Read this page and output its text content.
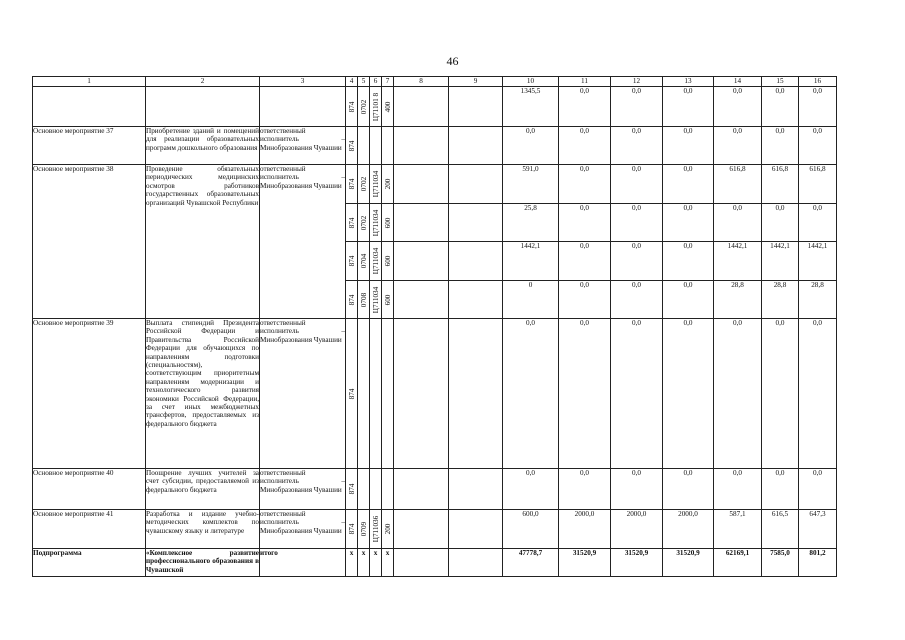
46
1	2	3	4	5	6	7	8	9	10	11	12	13	14	15	16

			874	0702	Ц71101 8	400			1345,5	0,0	0,0	0,0	0,0	0,0	0,0
Основное мероприятие 37	Приобретение зданий и помещений для реализации образовательных программ дошкольного образования	ответственный исполнитель – Минобразования Чувашии	874						0,0	0,0	0,0	0,0	0,0	0,0	0,0
Основное мероприятие 38	Проведение обязательных периодических медицинских осмотров работников государственных образовательных организаций Чувашской Республики	ответственный исполнитель – Минобразования Чувашии	874	0702	Ц711034	200			591,0	0,0	0,0	0,0	616,8	616,8	616,8

			874	0702	Ц711034	600			25,8	0,0	0,0	0,0	0,0	0,0	0,0

			874	0704	Ц711034	600			1442,1	0,0	0,0	0,0	1442,1	1442,1	1442,1

			874	0708	Ц711034	600			0	0,0	0,0	0,0	28,8	28,8	28,8
Основное мероприятие 39	Выплата стипендий Президента Российской Федерации и Правительства Российской Федерации для обучающихся по направлениям подготовки (специальностям), соответствующим приоритетным направлениям модернизации и технологического развития экономики Российской Федерации, за счет иных межбюджетных трансфертов, предоставляемых из федерального бюджета	ответственный исполнитель – Минобразования Чувашии	874						0,0	0,0	0,0	0,0	0,0	0,0	0,0
Основное мероприятие 40	Поощрение лучших учителей за счет субсидии, предоставляемой из федерального бюджета	ответственный исполнитель – Минобразования Чувашии	874						0,0	0,0	0,0	0,0	0,0	0,0	0,0
Основное мероприятие 41	Разработка и издание учебно-методических комплектов по чувашскому языку и литературе	ответственный исполнитель – Минобразования Чувашии	874	0709	Ц711036	200			600,0	2000,0	2000,0	2000,0	587,1	616,5	647,3
Подпрограмма	«Комплексное развитие профессионального образования в Чувашской	итого	x	x	x	x			47778,7	31520,9	31520,9	31520,9	62169,1	7585,0	801,2
